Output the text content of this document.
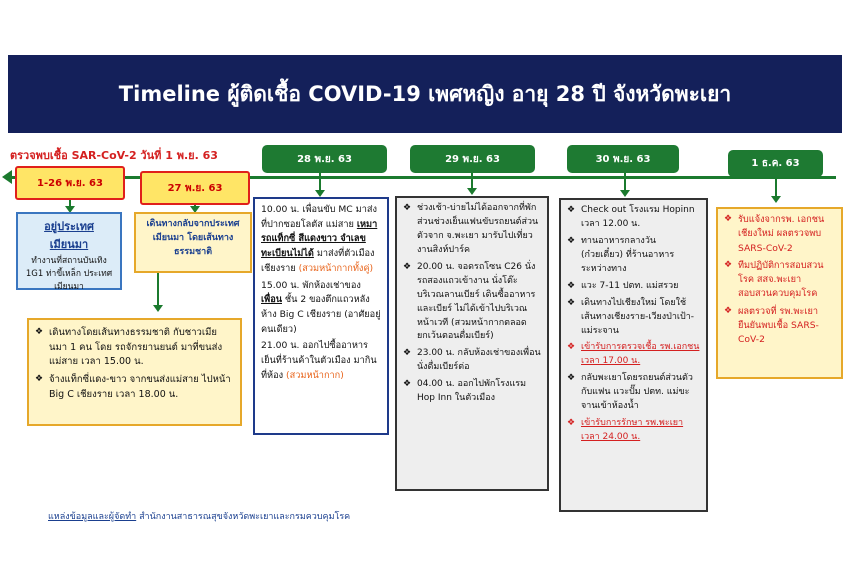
Timeline ผู้ติดเชื้อ COVID-19 เพศหญิง อายุ 28 ปี จังหวัดพะเยา
ตรวจพบเชื้อ SAR-CoV-2 วันที่ 1 พ.ย. 63
1-26 พ.ย. 63	27 พ.ย. 63
28 พ.ย. 63	29 พ.ย. 63	30 พ.ย. 63	1 ธ.ค. 63
อยู่ประเทศ
เมียนมา
ทำงานที่สถานบันเทิง 1G1 ท่าขี้เหล็ก ประเทศเมียนมา
เดินทางกลับจากประเทศเมียนมา โดยเส้นทางธรรมชาติ
❖ เดินทางโดยเส้นทางธรรมชาติ กับชาวเมียนมา 1 คน โดย รถจักรยานยนต์ มาที่ขนส่งแม่สาย เวลา 15.00 น.
❖ จ้างแท็กซี่แดง-ขาว จากขนส่งแม่สาย ไปหน้า Big C เชียงราย เวลา 18.00 น.
10.00 น. เพื่อนขับ MC มาส่งที่ปากซอยโลตัส แม่สาย เหมารถแท็กซี่ สีแดงขาว จำเลขทะเบียนไม่ได้ มาส่งที่ตัวเมืองเชียงราย (สวมหน้ากากทั้งคู่)
15.00 น. พักห้องเช่าของเพื่อน ชั้น 2 ของตึกแถวหลังห้าง Big C เชียงราย (อาศัยอยู่คนเดียว)
21.00 น. ออกไปซื้ออาหารเย็นที่ร้านค้าในตัวเมือง มากินที่ห้อง (สวมหน้ากาก)
❖ ช่วงเช้า-บ่ายไม่ได้ออกจากที่พัก ส่วนช่วงเย็นแฟนขับรถยนต์ส่วนตัวจาก จ.พะเยา มารับไปเที่ยวงานสิงห์ปาร์ค
❖ 20.00 น. จอดรถโซน C26 นั่งรถสองแถวเข้างาน นั่งโต๊ะบริเวณลานเบียร์ เดินซื้ออาหารและเบียร์ ไม่ได้เข้าไปบริเวณหน้าเวที (สวมหน้ากากตลอด ยกเว้นตอนดื่มเบียร์)
❖ 23.00 น. กลับห้องเช่าของเพื่อน นั่งดื่มเบียร์ต่อ
❖ 04.00 น. ออกไปพักโรงแรม Hop Inn ในตัวเมือง
❖ Check out โรงแรม Hopinn เวลา 12.00 น.
❖ ทานอาหารกลางวัน (ก๋วยเตี๋ยว) ที่ร้านอาหารระหว่างทาง
❖ แวะ 7-11 ปตท. แม่สรวย
❖ เดินทางไปเชียงใหม่ โดยใช้เส้นทางเชียงราย-เวียงป่าเป้า-แม่ระจาน
❖ เข้ารับการตรวจเชื้อ รพ.เอกชน เวลา 17.00 น.
❖ กลับพะเยาโดยรถยนต์ส่วนตัวกับแฟน แวะปั๊ม ปตท. แม่ขะจานเข้าห้องน้ำ
❖ เข้ารับการรักษา รพ.พะเยา เวลา 24.00 น.
❖ รับแจ้งจากรพ. เอกชนเชียงใหม่ ผลตรวจพบ SARS-CoV-2
❖ ทีมปฏิบัติการสอบสวนโรค สสจ.พะเยา สอบสวนควบคุมโรค
❖ ผลตรวจที่ รพ.พะเยา ยืนยันพบเชื้อ SARS-CoV-2
แหล่งข้อมูลและผู้จัดทำ สำนักงานสาธารณสุขจังหวัดพะเยาและกรมควบคุมโรค
